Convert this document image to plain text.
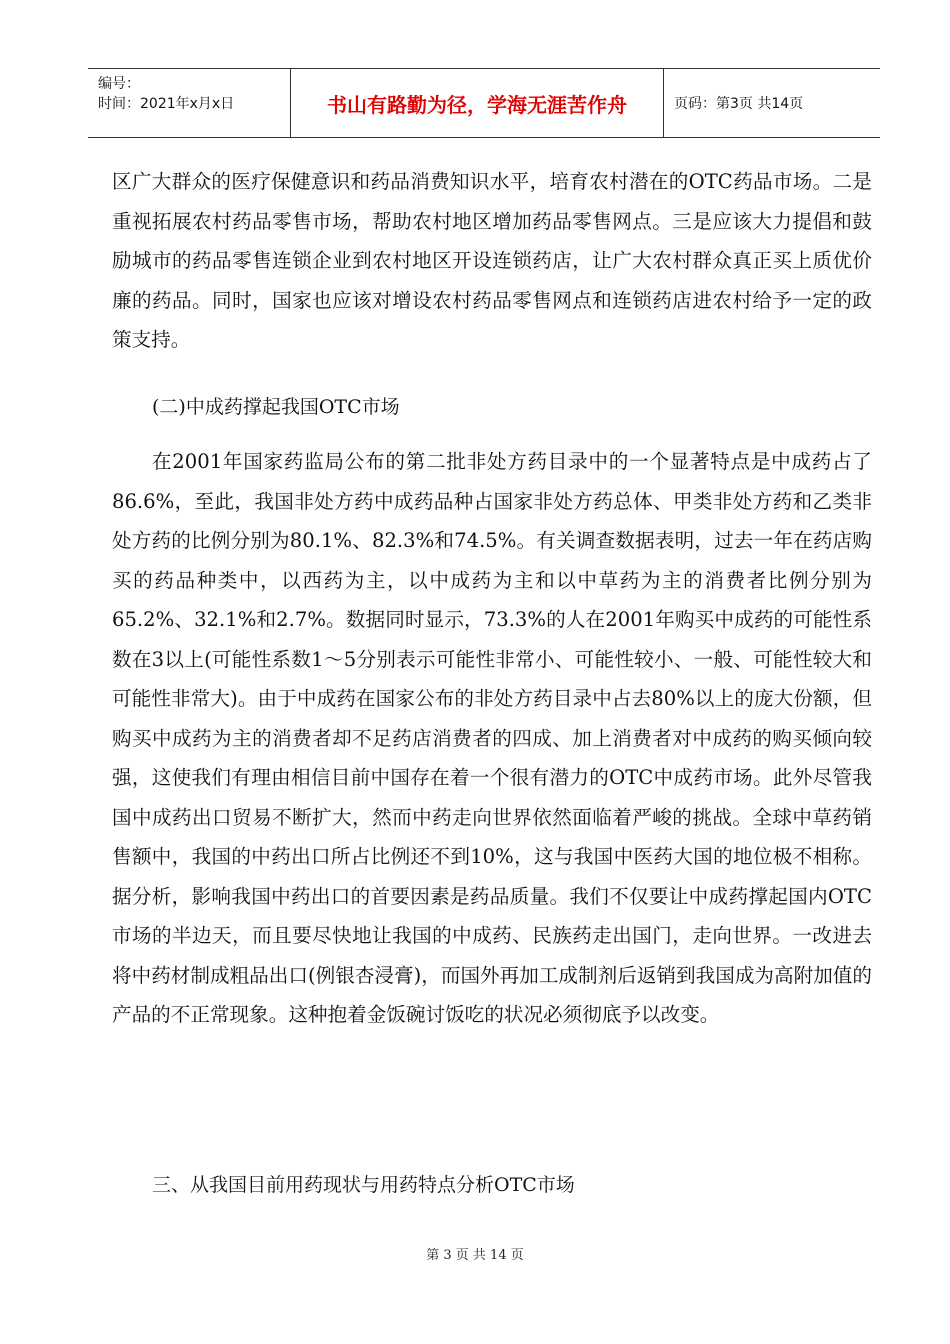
编号：
时间：2021年x月x日	书山有路勤为径，学海无涯苦作舟	页码：第3页 共14页

区广大群众的医疗保健意识和药品消费知识水平，培育农村潜在的OTC药品市场。二是重视拓展农村药品零售市场，帮助农村地区增加药品零售网点。三是应该大力提倡和鼓励城市的药品零售连锁企业到农村地区开设连锁药店，让广大农村群众真正买上质优价廉的药品。同时，国家也应该对增设农村药品零售网点和连锁药店进农村给予一定的政策支持。

(二)中成药撑起我国OTC市场

在2001年国家药监局公布的第二批非处方药目录中的一个显著特点是中成药占了86.6%，至此，我国非处方药中成药品种占国家非处方药总体、甲类非处方药和乙类非处方药的比例分别为80.1%、82.3%和74.5%。有关调查数据表明，过去一年在药店购买的药品种类中，以西药为主，以中成药为主和以中草药为主的消费者比例分别为65.2%、32.1%和2.7%。数据同时显示，73.3%的人在2001年购买中成药的可能性系数在3以上(可能性系数1～5分别表示可能性非常小、可能性较小、一般、可能性较大和可能性非常大)。由于中成药在国家公布的非处方药目录中占去80%以上的庞大份额，但购买中成药为主的消费者却不足药店消费者的四成、加上消费者对中成药的购买倾向较强，这使我们有理由相信目前中国存在着一个很有潜力的OTC中成药市场。此外尽管我国中成药出口贸易不断扩大，然而中药走向世界依然面临着严峻的挑战。全球中草药销售额中，我国的中药出口所占比例还不到10%，这与我国中医药大国的地位极不相称。据分析，影响我国中药出口的首要因素是药品质量。我们不仅要让中成药撑起国内OTC市场的半边天，而且要尽快地让我国的中成药、民族药走出国门，走向世界。一改进去将中药材制成粗品出口(例银杏浸膏)，而国外再加工成制剂后返销到我国成为高附加值的产品的不正常现象。这种抱着金饭碗讨饭吃的状况必须彻底予以改变。

三、从我国目前用药现状与用药特点分析OTC市场
第 3 页 共 14 页
